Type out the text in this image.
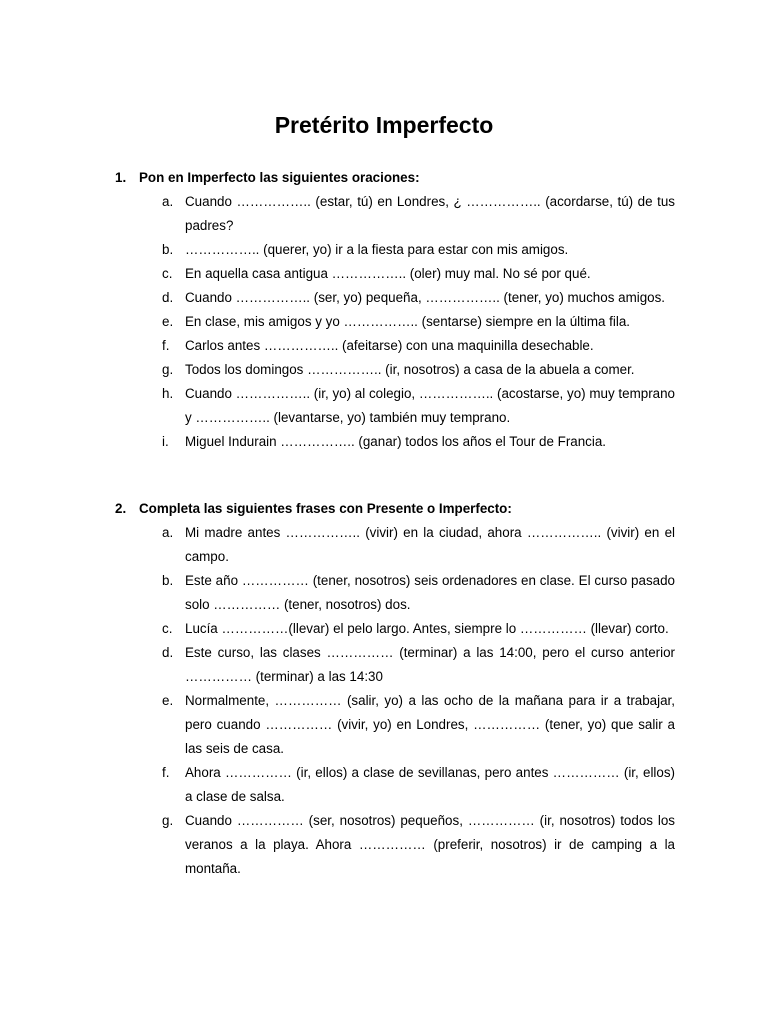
Pretérito Imperfecto
1. Pon en Imperfecto las siguientes oraciones:
a. Cuando …………….. (estar, tú) en Londres, ¿ …………….. (acordarse, tú) de tus padres?
b. …………….. (querer, yo) ir a la fiesta para estar con mis amigos.
c. En aquella casa antigua …………….. (oler) muy mal. No sé por qué.
d. Cuando …………….. (ser, yo) pequeña, …………….. (tener, yo) muchos amigos.
e. En clase, mis amigos y yo …………….. (sentarse) siempre en la última fila.
f. Carlos antes …………….. (afeitarse) con una maquinilla desechable.
g. Todos los domingos …………….. (ir, nosotros) a casa de la abuela a comer.
h. Cuando …………….. (ir, yo) al colegio, …………….. (acostarse, yo) muy temprano y …………….. (levantarse, yo) también muy temprano.
i. Miguel Indurain …………….. (ganar) todos los años el Tour de Francia.
2. Completa las siguientes frases con Presente o Imperfecto:
a. Mi madre antes …………….. (vivir) en la ciudad, ahora …………….. (vivir) en el campo.
b. Este año …………… (tener, nosotros) seis ordenadores en clase. El curso pasado solo …………… (tener, nosotros) dos.
c. Lucía ……………(llevar) el pelo largo. Antes, siempre lo …………… (llevar) corto.
d. Este curso, las clases …………… (terminar) a las 14:00, pero el curso anterior …………… (terminar) a las 14:30
e. Normalmente, …………… (salir, yo) a las ocho de la mañana para ir a trabajar, pero cuando …………… (vivir, yo) en Londres, …………… (tener, yo) que salir a las seis de casa.
f. Ahora …………… (ir, ellos) a clase de sevillanas, pero antes …………… (ir, ellos) a clase de salsa.
g. Cuando …………… (ser, nosotros) pequeños, …………… (ir, nosotros) todos los veranos a la playa. Ahora …………… (preferir, nosotros) ir de camping a la montaña.
